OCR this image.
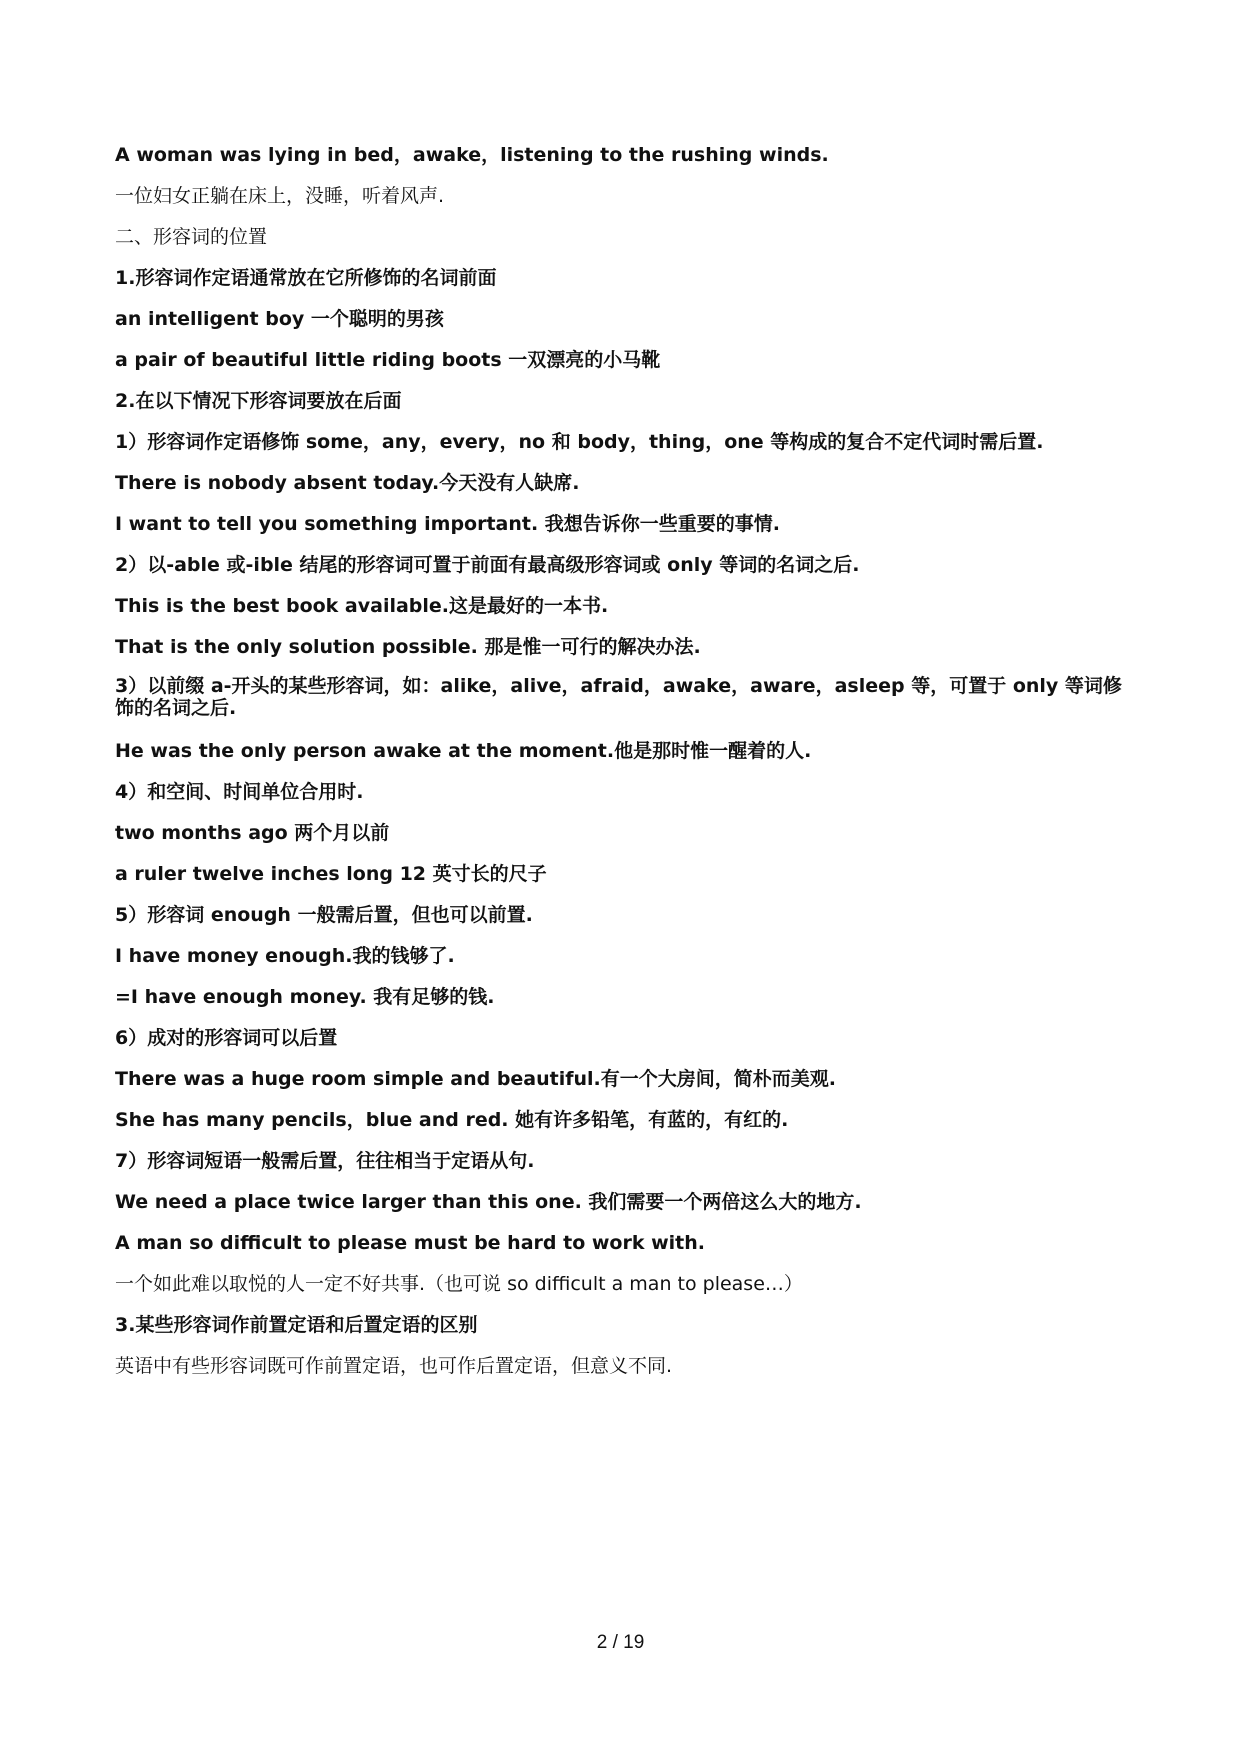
A woman was lying in bed，awake，listening to the rushing winds.
一位妇女正躺在床上，没睡，听着风声.
二、形容词的位置
1.形容词作定语通常放在它所修饰的名词前面
an intelligent boy 一个聪明的男孩
a pair of beautiful little riding boots 一双漂亮的小马靴
2.在以下情况下形容词要放在后面
1）形容词作定语修饰 some，any，every，no 和 body，thing，one 等构成的复合不定代词时需后置.
There is nobody absent today.今天没有人缺席.
I want to tell you something important. 我想告诉你一些重要的事情.
2）以-able 或-ible 结尾的形容词可置于前面有最高级形容词或 only 等词的名词之后.
This is the best book available.这是最好的一本书.
That is the only solution possible. 那是惟一可行的解决办法.
3）以前缀 a-开头的某些形容词，如：alike，alive，afraid，awake，aware，asleep 等，可置于 only 等词修饰的名词之后.
He was the only person awake at the moment.他是那时惟一醒着的人.
4）和空间、时间单位合用时.
two months ago 两个月以前
a ruler twelve inches long 12 英寸长的尺子
5）形容词 enough 一般需后置，但也可以前置.
I have money enough.我的钱够了.
=I have enough money. 我有足够的钱.
6）成对的形容词可以后置
There was a huge room simple and beautiful.有一个大房间，简朴而美观.
She has many pencils，blue and red. 她有许多铅笔，有蓝的，有红的.
7）形容词短语一般需后置，往往相当于定语从句.
We need a place twice larger than this one. 我们需要一个两倍这么大的地方.
A man so difficult to please must be hard to work with.
一个如此难以取悦的人一定不好共事.（也可说 so difficult a man to please…）
3.某些形容词作前置定语和后置定语的区别
英语中有些形容词既可作前置定语，也可作后置定语，但意义不同.
2 / 19
